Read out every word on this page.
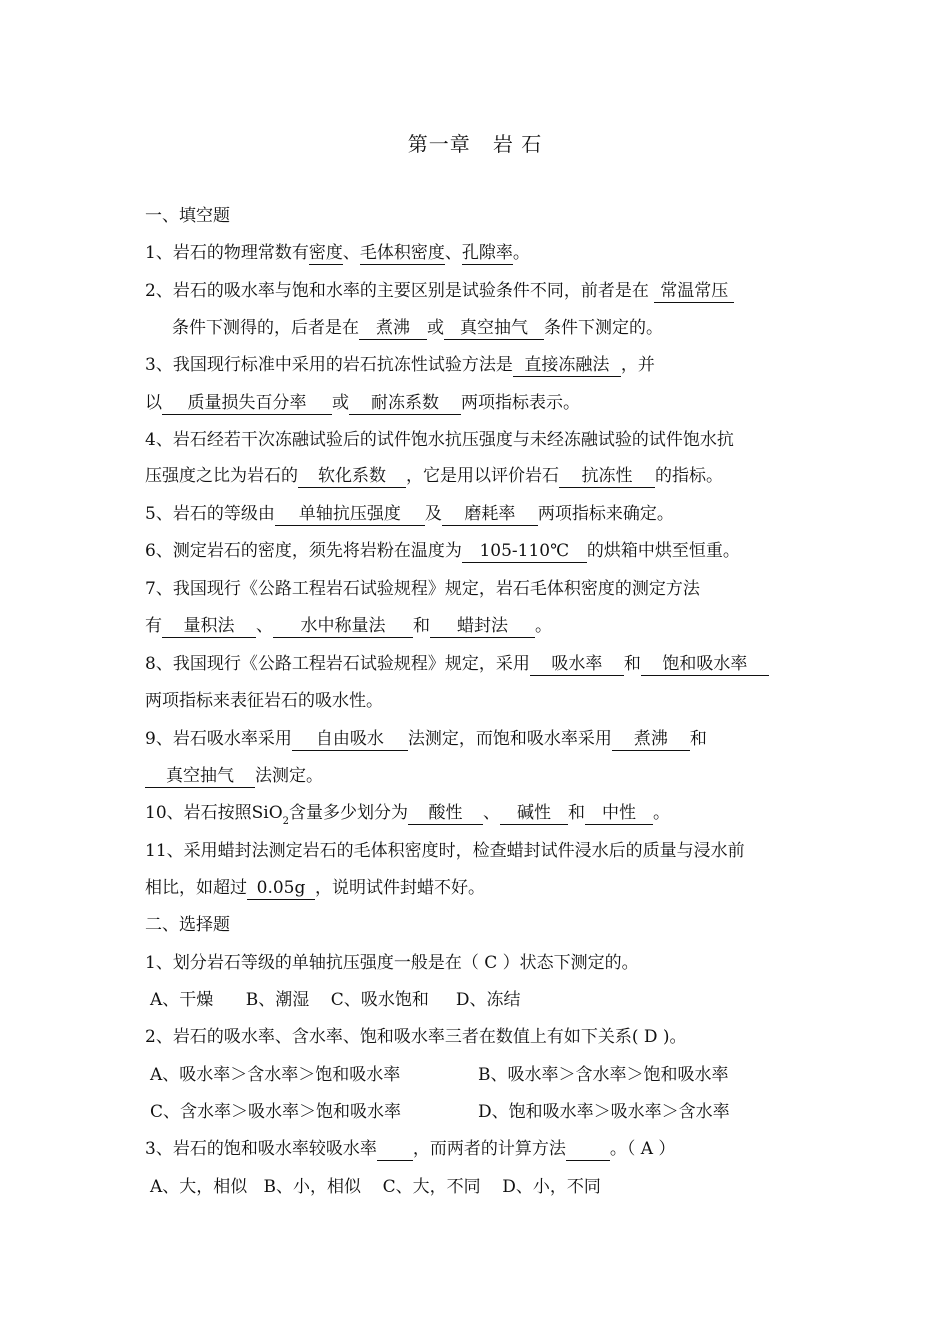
第一章   岩 石
一、填空题
1、岩石的物理常数有密度、毛体积密度、孔隙率。
2、岩石的吸水率与饱和水率的主要区别是试验条件不同，前者是在 常温常压
条件下测得的，后者是在 煮沸 或 真空抽气 条件下测定的。
3、我国现行标准中采用的岩石抗冻性试验方法是 直接冻融法 ，并
以 质量损失百分率 或 耐冻系数 两项指标表示。
4、岩石经若干次冻融试验后的试件饱水抗压强度与未经冻融试验的试件饱水抗
压强度之比为岩石的 软化系数 ，它是用以评价岩石 抗冻性 的指标。
5、岩石的等级由 单轴抗压强度 及 磨耗率 两项指标来确定。
6、测定岩石的密度，须先将岩粉在温度为 105-110℃ 的烘箱中烘至恒重。
7、我国现行《公路工程岩石试验规程》规定，岩石毛体积密度的测定方法
有 量积法 、 水中称量法 和 蜡封法 。
8、我国现行《公路工程岩石试验规程》规定，采用 吸水率 和 饱和吸水率
两项指标来表征岩石的吸水性。
9、岩石吸水率采用 自由吸水 法测定，而饱和吸水率采用 煮沸 和
真空抽气 法测定。
10、岩石按照SiO$_2$含量多少划分为 酸性 、 碱性 和 中性 。
11、采用蜡封法测定岩石的毛体积密度时，检查蜡封试件浸水后的质量与浸水前
相比，如超过 0.05g ，说明试件封蜡不好。
二、选择题
1、划分岩石等级的单轴抗压强度一般是在（ C ）状态下测定的。
A、干燥      B、潮湿    C、吸水饱和     D、冻结
2、岩石的吸水率、含水率、饱和吸水率三者在数值上有如下关系( D )。
A、吸水率＞含水率＞饱和吸水率	B、吸水率＞含水率＞饱和吸水率
C、含水率＞吸水率＞饱和吸水率	D、饱和吸水率＞吸水率＞含水率
3、岩石的饱和吸水率较吸水率 ，而两者的计算方法	。（ A ）
A、大，相似   B、小，相似    C、大，不同    D、小，不同
